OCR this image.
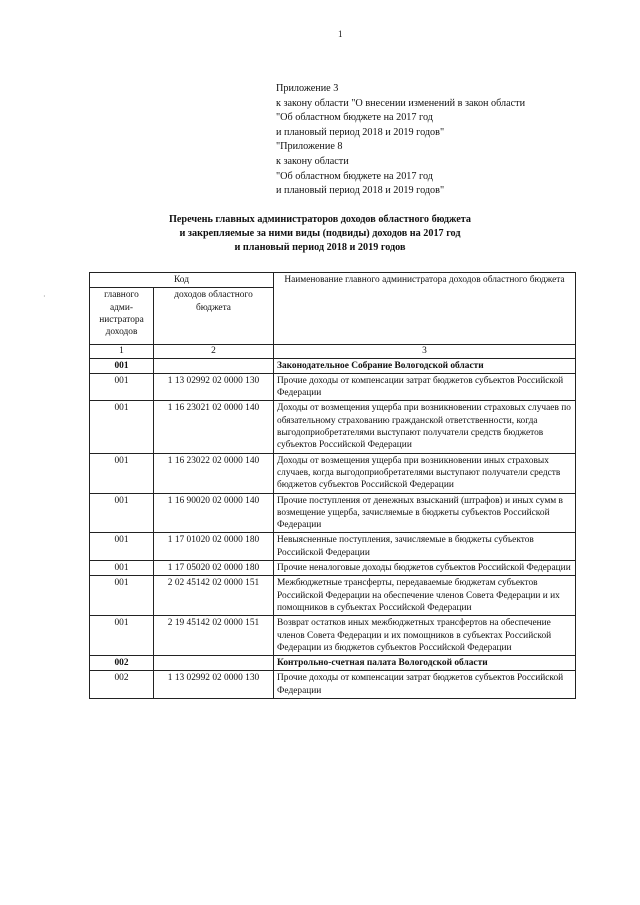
1
Приложение 3
к закону области "О внесении изменений в закон области
"Об областном бюджете на 2017 год
и плановый период 2018 и 2019 годов"
"Приложение 8
к закону области
"Об областном бюджете на 2017 год
и плановый период 2018 и 2019 годов"
Перечень главных администраторов доходов областного бюджета
и закрепляемые за ними виды (подвиды) доходов на 2017 год
и плановый период 2018 и 2019 годов
Код		Наименование главного администратора доходов областного бюджета
главного адми- нистратора доходов	доходов областного бюджета	
1	2	3
001		Законодательное Собрание Вологодской области
001	1 13 02992 02 0000 130	Прочие доходы от компенсации затрат бюджетов субъектов Российской Федерации
001	1 16 23021 02 0000 140	Доходы от возмещения ущерба при возникновении страховых случаев по обязательному страхованию гражданской ответственности, когда выгодоприобретателями выступают получатели средств бюджетов субъектов Российской Федерации
001	1 16 23022 02 0000 140	Доходы от возмещения ущерба при возникновении иных страховых случаев, когда выгодоприобретателями выступают получатели средств бюджетов субъектов Российской Федерации
001	1 16 90020 02 0000 140	Прочие поступления от денежных взысканий (штрафов) и иных сумм в возмещение ущерба, зачисляемые в бюджеты субъектов Российской Федерации
001	1 17 01020 02 0000 180	Невыясненные поступления, зачисляемые в бюджеты субъектов Российской Федерации
001	1 17 05020 02 0000 180	Прочие неналоговые доходы бюджетов субъектов Российской Федерации
001	2 02 45142 02 0000 151	Межбюджетные трансферты, передаваемые бюджетам субъектов Российской Федерации на обеспечение членов Совета Федерации и их помощников в субъектах Российской Федерации
001	2 19 45142 02 0000 151	Возврат остатков иных межбюджетных трансфертов на обеспечение членов Совета Федерации и их помощников в субъектах Российской Федерации из бюджетов субъектов Российской Федерации
002		Контрольно-счетная палата Вологодской области
002	1 13 02992 02 0000 130	Прочие доходы от компенсации затрат бюджетов субъектов Российской Федерации
·
